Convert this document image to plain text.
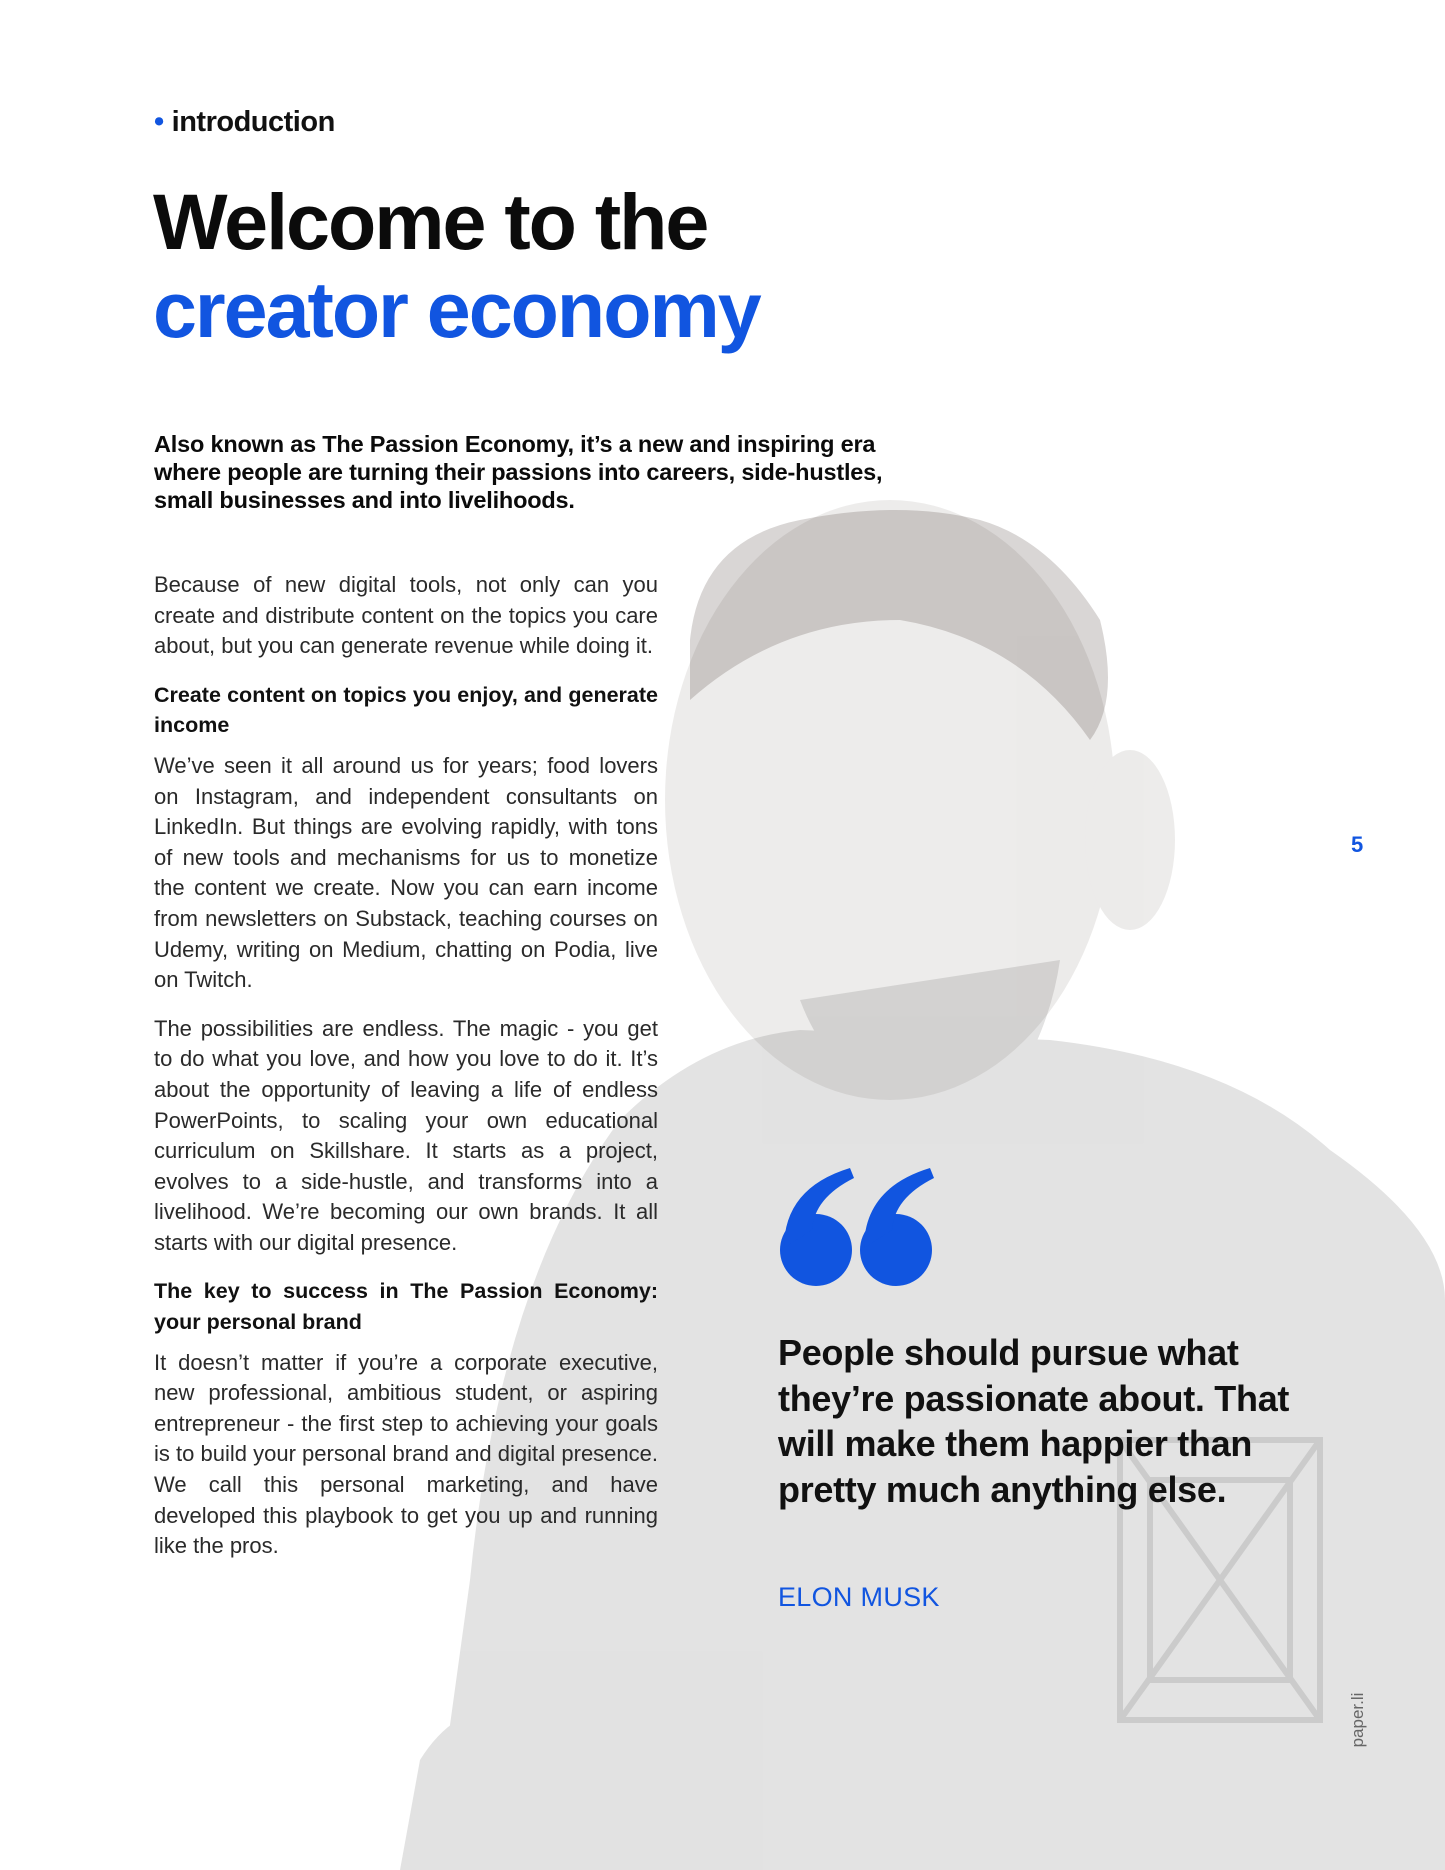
• introduction
Welcome to the
creator economy

Also known as The Passion Economy, it’s a new and inspiring era where people are turning their passions into careers, side-hustles, small businesses and into livelihoods.

Because of new digital tools, not only can you create and distribute content on the topics you care about, but you can generate revenue while doing it.

Create content on topics you enjoy, and generate income

We’ve seen it all around us for years; food lovers on Instagram, and independent consultants on LinkedIn. But things are evolving rapidly, with tons of new tools and mechanisms for us to monetize the content we create. Now you can earn income from newsletters on Substack, teaching courses on Udemy, writing on Medium, chatting on Podia, live on Twitch.

The possibilities are endless. The magic - you get to do what you love, and how you love to do it. It’s about the opportunity of leaving a life of endless PowerPoints, to scaling your own educational curriculum on Skillshare. It starts as a project, evolves to a side-hustle, and transforms into a livelihood. We’re becoming our own brands. It all starts with our digital presence.

The key to success in The Passion Economy: your personal brand

It doesn’t matter if you’re a corporate executive, new professional, ambitious student, or aspiring entrepreneur - the first step to achieving your goals is to build your personal brand and digital presence. We call this personal marketing, and have developed this playbook to get you up and running like the pros.

5

People should pursue what they’re passionate about. That will make them happier than pretty much anything else.

ELON MUSK
paper.li
